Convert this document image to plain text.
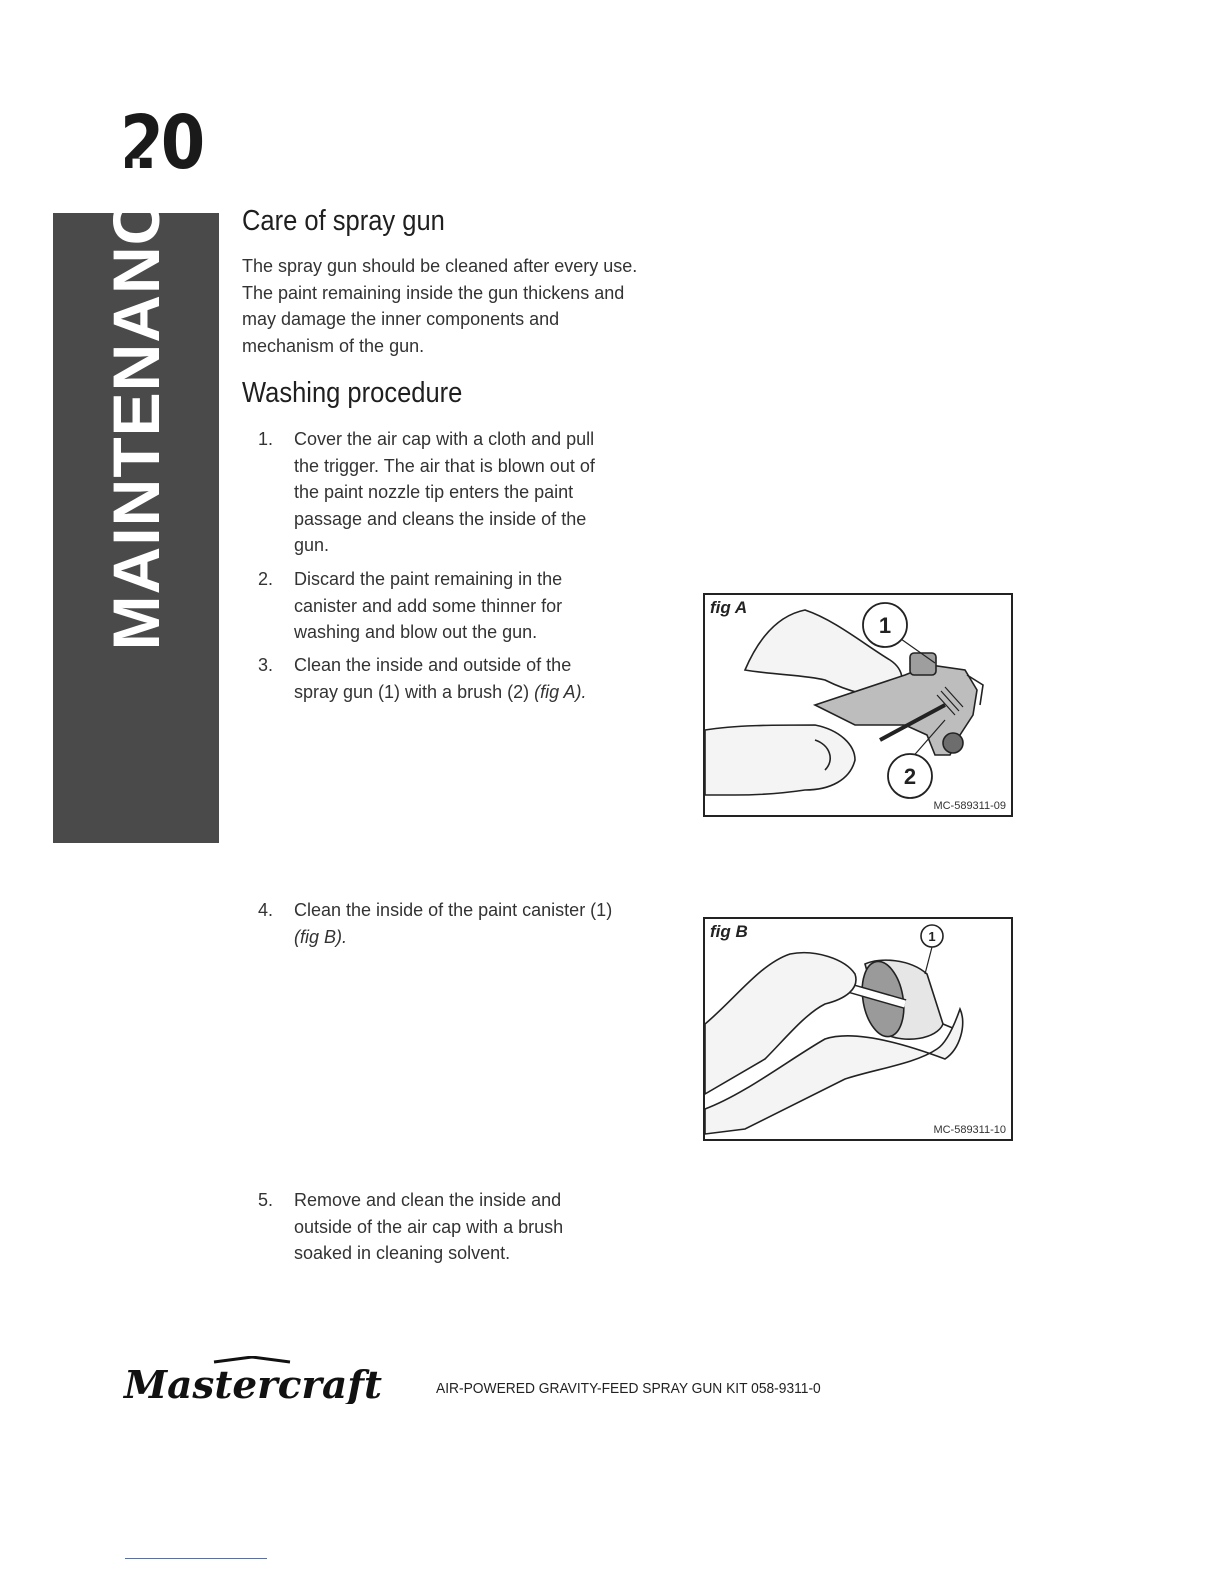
20
MAINTENANCE Care of spray gun

The spray gun should be cleaned after every use. The paint remaining inside the gun thickens and may damage the inner components and mechanism of the gun.

Washing procedure
1. Cover the air cap with a cloth and pull the trigger. The air that is blown out of the paint nozzle tip enters the paint passage and cleans the inside of the gun.
2. Discard the paint remaining in the canister and add some thinner for washing and blow out the gun.
3. Clean the inside and outside of the spray gun (1) with a brush (2) (fig A).
4. Clean the inside of the paint canister (1)
(fig B).
5. Remove and clean the inside and outside of the air cap with a brush soaked in cleaning solvent.
1
2
fig A
MC-589311-09
1
fig B
MC-589311-10
Mastercraft	AIR-POWERED GRAVITY-FEED SPRAY GUN KIT 058-9311-0
